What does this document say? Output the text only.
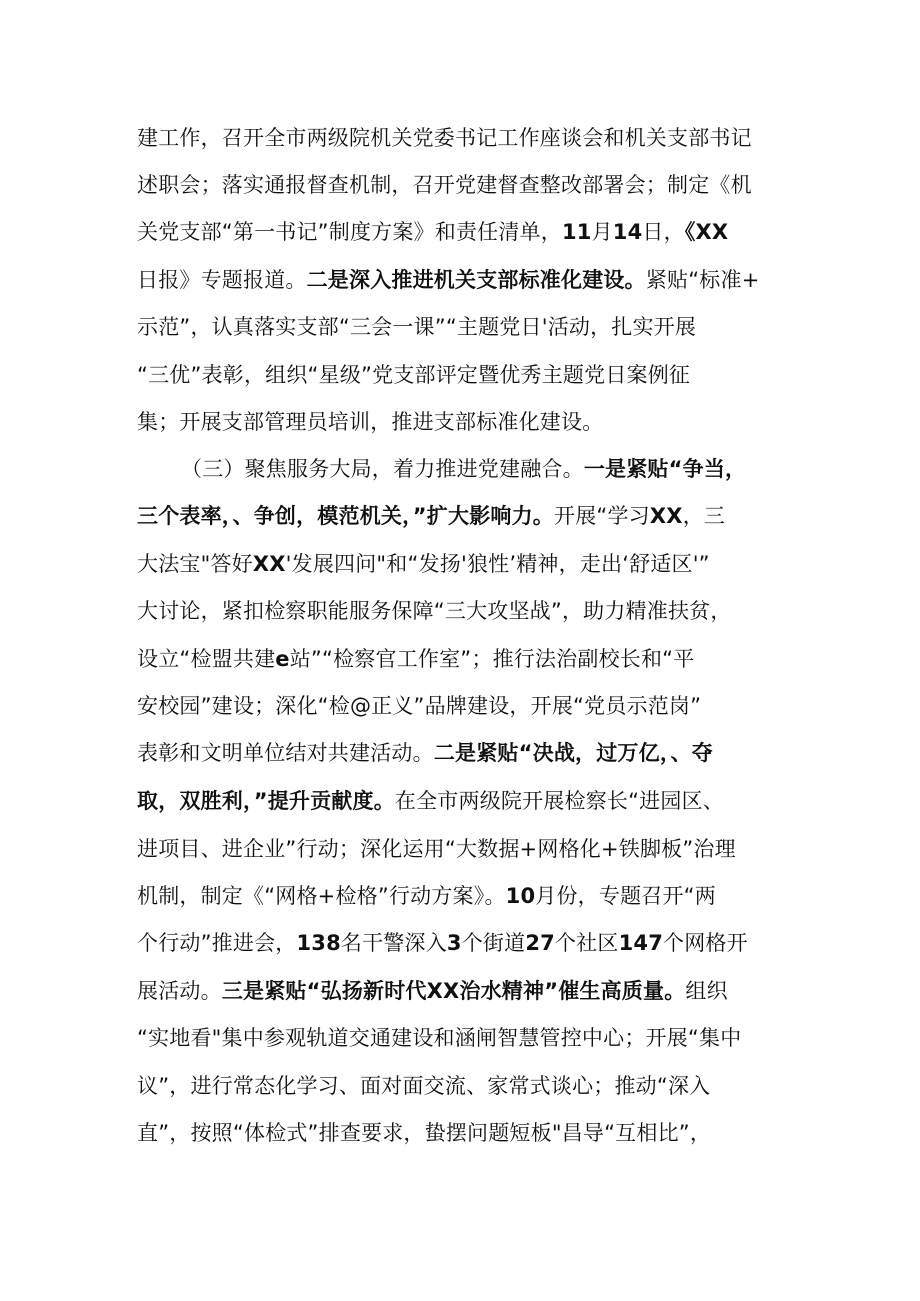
建工作，召开全市两级院机关党委书记工作座谈会和机关支部书记
述职会；落实通报督查机制，召开党建督查整改部署会；制定《机
关党支部“第一书记”制度方案》和责任清单，11月14日，《XX
日报》专题报道。二是深入推进机关支部标准化建设。紧贴“标准+
示范”，认真落实支部“三会一课”“主题党日'活动，扎实开展
“三优”表彰，组织“星级”党支部评定暨优秀主题党日案例征
集；开展支部管理员培训，推进支部标准化建设。
（三）聚焦服务大局，着力推进党建融合。一是紧贴“争当，
三个表率，、争创，模范机关，”扩大影响力。开展“学习XX，三
大法宝"答好XX'发展四问"和“发扬'狼性’精神，走出‘舒适区'”
大讨论，紧扣检察职能服务保障“三大攻坚战”，助力精准扶贫，
设立“检盟共建e站”“检察官工作室”；推行法治副校长和“平
安校园”建设；深化“检@正义”品牌建设，开展“党员示范岗”
表彰和文明单位结对共建活动。二是紧贴“决战，过万亿，、夺
取，双胜利，”提升贡献度。在全市两级院开展检察长“进园区、
进项目、进企业”行动；深化运用“大数据+网格化+铁脚板”治理
机制，制定《“网格+检格”行动方案》。10月份，专题召开“两
个行动”推进会，138名干警深入3个街道27个社区147个网格开
展活动。三是紧贴“弘扬新时代XX治水精神”催生高质量。组织
“实地看"集中参观轨道交通建设和涵闸智慧管控中心；开展“集中
议”，进行常态化学习、面对面交流、家常式谈心；推动“深入
直”，按照“体检式”排查要求，蛰摆问题短板"昌导“互相比”，
